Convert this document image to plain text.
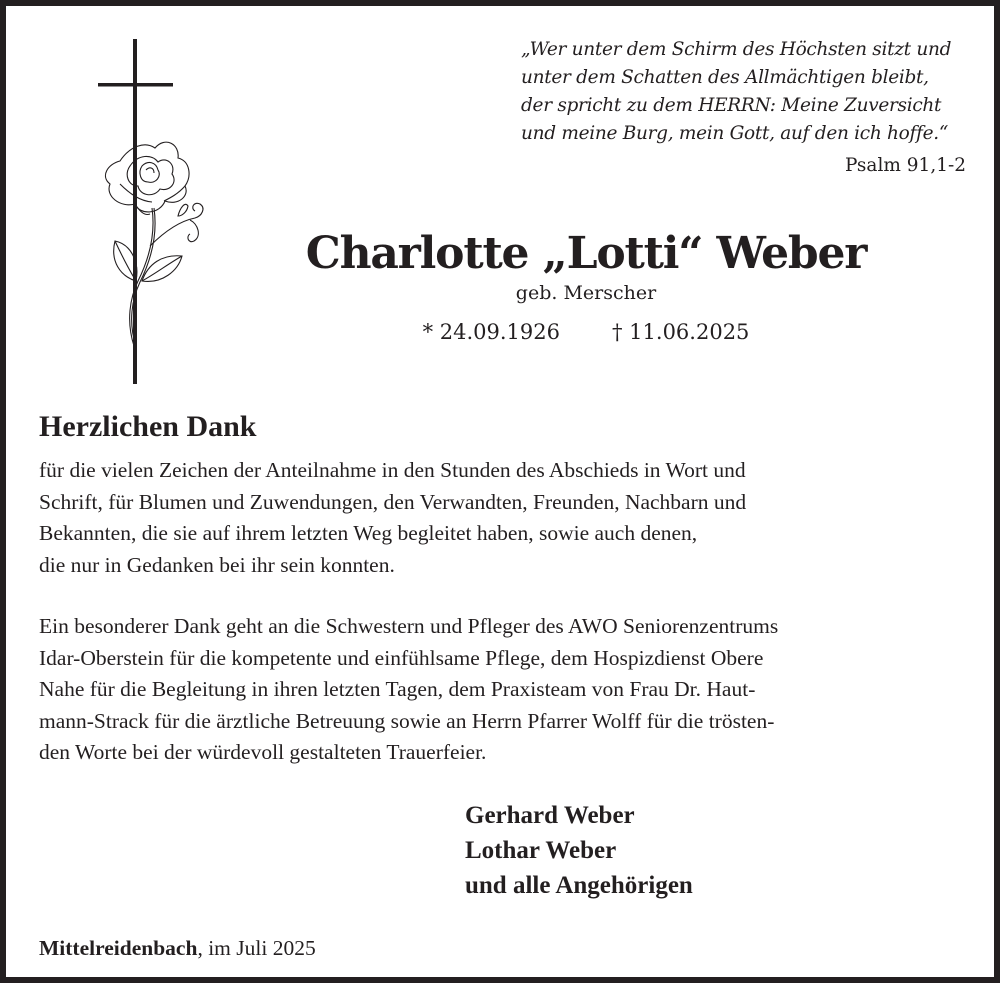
„Wer unter dem Schirm des Höchsten sitzt und
unter dem Schatten des Allmächtigen bleibt,
der spricht zu dem HERRN: Meine Zuversicht
und meine Burg, mein Gott, auf den ich hoffe.“
Psalm 91,1-2
Charlotte „Lotti“ Weber
geb. Merscher
* 24.09.1926 † 11.06.2025
Herzlichen Dank
für die vielen Zeichen der Anteilnahme in den Stunden des Abschieds in Wort und
Schrift, für Blumen und Zuwendungen, den Verwandten, Freunden, Nachbarn und
Bekannten, die sie auf ihrem letzten Weg begleitet haben, sowie auch denen,
die nur in Gedanken bei ihr sein konnten.
Ein besonderer Dank geht an die Schwestern und Pfleger des AWO Seniorenzentrums
Idar-Oberstein für die kompetente und einfühlsame Pflege, dem Hospizdienst Obere
Nahe für die Begleitung in ihren letzten Tagen, dem Praxisteam von Frau Dr. Haut-
mann-Strack für die ärztliche Betreuung sowie an Herrn Pfarrer Wolff für die trösten-
den Worte bei der würdevoll gestalteten Trauerfeier.
Gerhard Weber
Lothar Weber
und alle Angehörigen
Mittelreidenbach, im Juli 2025
